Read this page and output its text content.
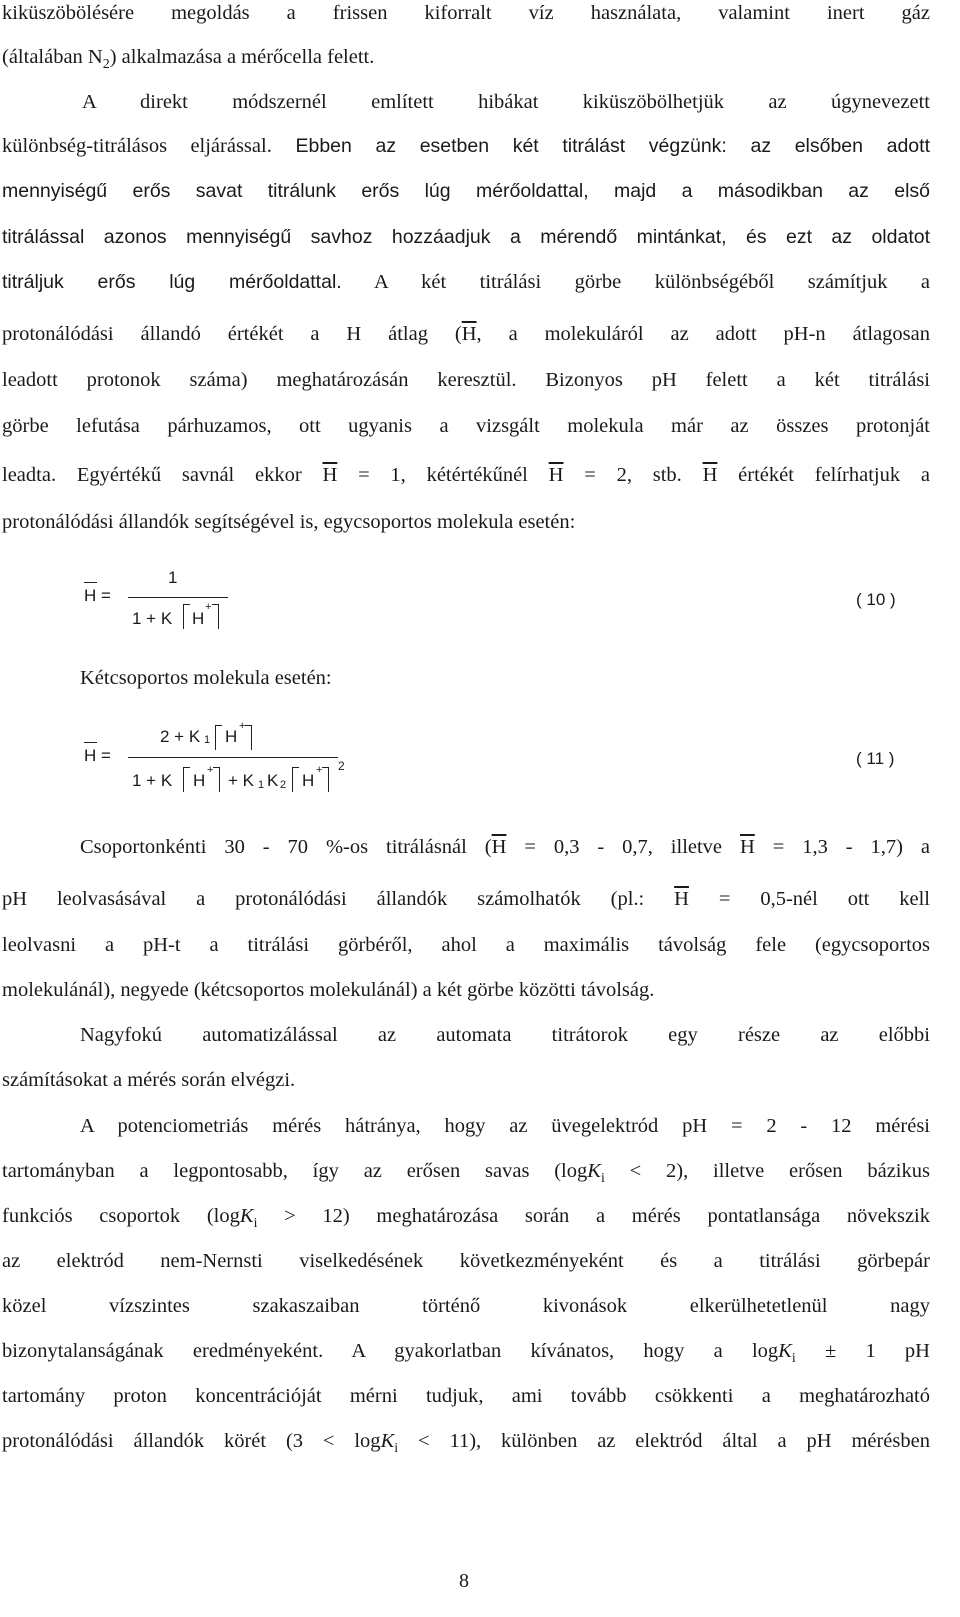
kiküszöbölésére megoldás a frissen kiforralt víz használata, valamint inert gáz
(általában $N_2$) alkalmazása a mérőcella felett.
A direkt módszernél említett hibákat kiküszöbölhetjük az úgynevezett
különbség-titrálásos eljárással. Ebben az esetben két titrálást végzünk: az elsőben adott
mennyiségű erős savat titrálunk erős lúg mérőoldattal, majd a másodikban az első
titrálással azonos mennyiségű savhoz hozzáadjuk a mérendő mintánkat, és ezt az oldatot
titráljuk erős lúg mérőoldattal. A két titrálási görbe különbségéből számítjuk a
protonálódási állandó értékét a H átlag ($\overline{H}$, a molekuláról az adott pH-n átlagosan
leadott protonok száma) meghatározásán keresztül. Bizonyos pH felett a két titrálási
görbe lefutása párhuzamos, ott ugyanis a vizsgált molekula már az összes protonját
leadta. Egyértékű savnál ekkor $\overline{H} = 1$, kétértékűnél $\overline{H} = 2$, stb. $\overline{H}$ értékét felírhatjuk a
protonálódási állandók segítségével is, egycsoportos molekula esetén:
H =
1
1 + K H
+	( 10 )
Kétcsoportos molekula esetén:
H =
2 + K 1 H
+
1 + K H
+
+ K 1 K 2 H
+ 2	( 11 )
Csoportonkénti 30 - 70 %-os titrálásnál ($\overline{H} = 0,3 - 0,7$, illetve $\overline{H} = 1,3 - 1,7$) a
pH leolvasásával a protonálódási állandók számolhatók (pl.: $\overline{H}$ = 0,5-nél ott kell
leolvasni a pH-t a titrálási görbéről, ahol a maximális távolság fele (egycsoportos
molekulánál), negyede (kétcsoportos molekulánál) a két görbe közötti távolság.
Nagyfokú automatizálással az automata titrátorok egy része az előbbi
számításokat a mérés során elvégzi.
A potenciometriás mérés hátránya, hogy az üvegelektród pH = 2 - 12 mérési
tartományban a legpontosabb, így az erősen savas (logK$_i$ < 2), illetve erősen bázikus
funkciós csoportok (logK$_i$ > 12) meghatározása során a mérés pontatlansága növekszik
az elektród nem-Nernsti viselkedésének következményeként és a titrálási görbepár
közel vízszintes szakaszaiban történő kivonások elkerülhetetlenül nagy
bizonytalanságának eredményeként. A gyakorlatban kívánatos, hogy a logK$_i$ ± 1 pH
tartomány proton koncentrációját mérni tudjuk, ami tovább csökkenti a meghatározható
protonálódási állandók körét (3 < logK$_i$ < 11), különben az elektród által a pH mérésben
8
